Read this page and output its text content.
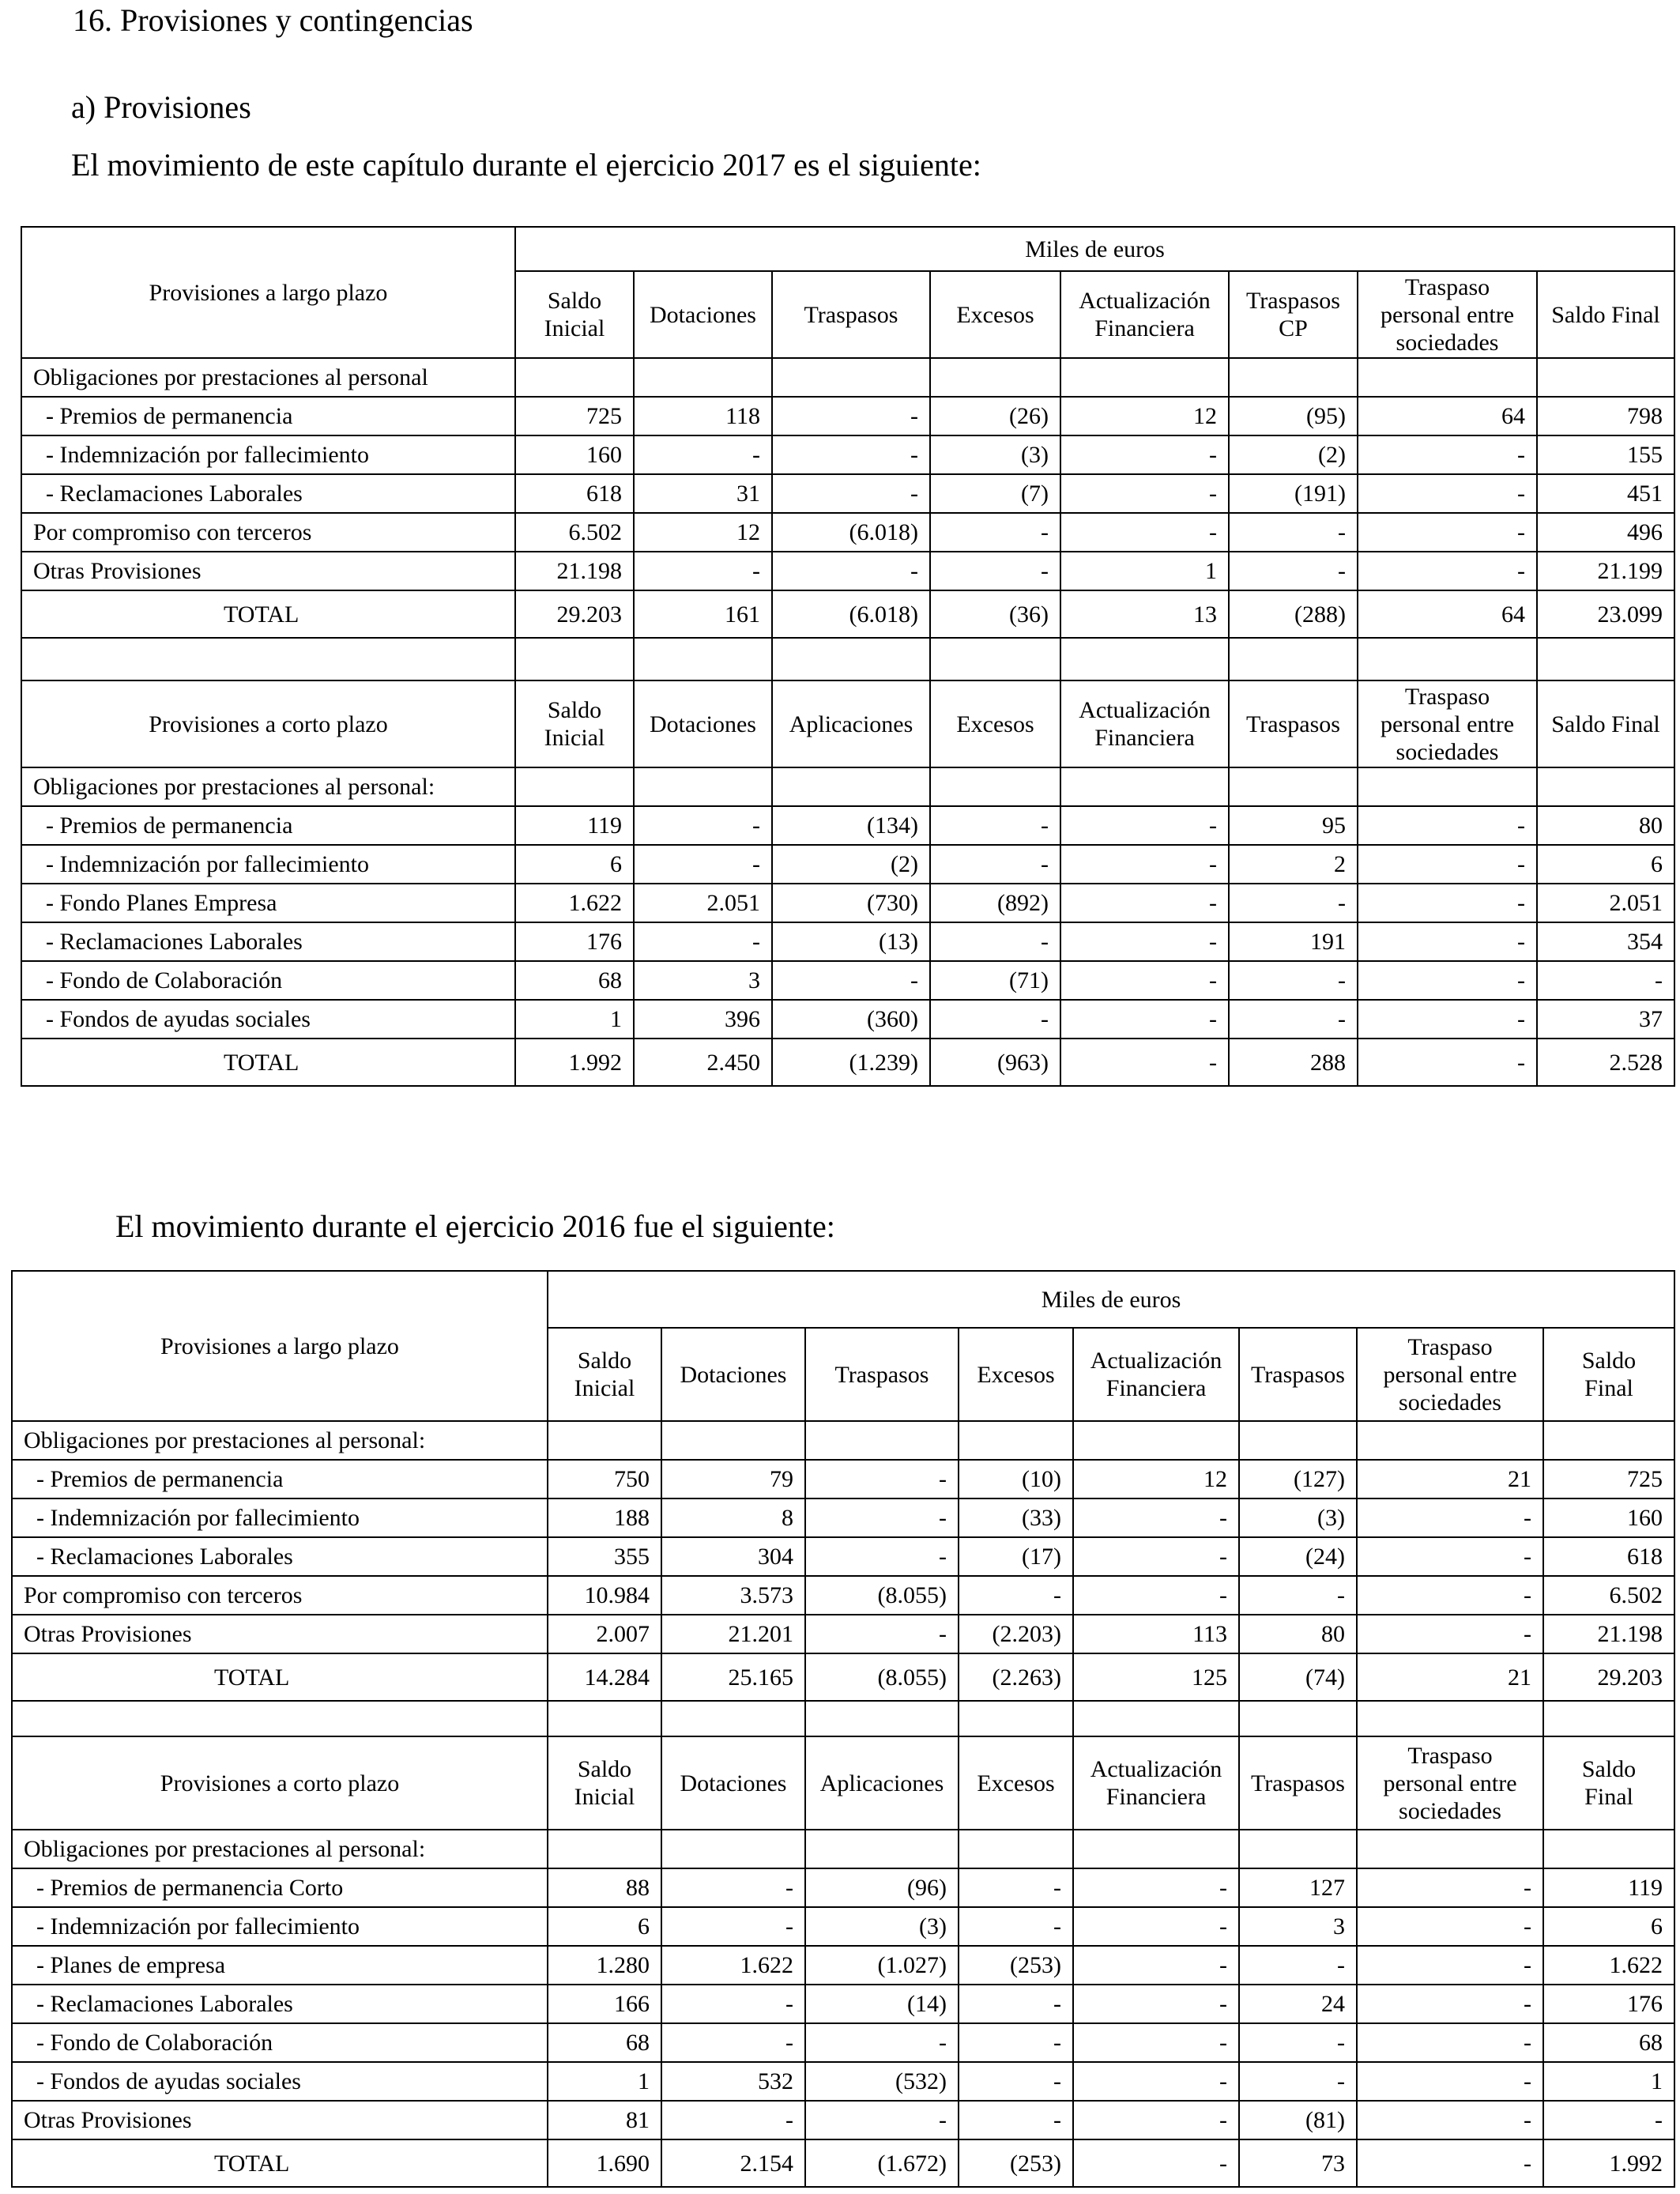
16. Provisiones y contingencias
a) Provisiones
El movimiento de este capítulo durante el ejercicio 2017 es el siguiente:
Provisiones a largo plazo	Miles de euros							
	Saldo Inicial	Dotaciones	Traspasos	Excesos	Actualización Financiera	Traspasos CP	Traspaso personal entre sociedades	Saldo Final
Obligaciones por prestaciones al personal								
- Premios de permanencia	725	118	-	(26)	12	(95)	64	798
- Indemnización por fallecimiento	160	-	-	(3)	-	(2)	-	155
- Reclamaciones Laborales	618	31	-	(7)	-	(191)	-	451
Por compromiso con terceros	6.502	12	(6.018)	-	-	-	-	496
Otras Provisiones	21.198	-	-	-	1	-	-	21.199
TOTAL	29.203	161	(6.018)	(36)	13	(288)	64	23.099

Provisiones a corto plazo	Saldo Inicial	Dotaciones	Aplicaciones	Excesos	Actualización Financiera	Traspasos	Traspaso personal entre sociedades	Saldo Final
Obligaciones por prestaciones al personal:								
- Premios de permanencia	119	-	(134)	-	-	95	-	80
- Indemnización por fallecimiento	6	-	(2)	-	-	2	-	6
- Fondo Planes Empresa	1.622	2.051	(730)	(892)	-	-	-	2.051
- Reclamaciones Laborales	176	-	(13)	-	-	191	-	354
- Fondo de Colaboración	68	3	-	(71)	-	-	-	-
- Fondos de ayudas sociales	1	396	(360)	-	-	-	-	37
TOTAL	1.992	2.450	(1.239)	(963)	-	288	-	2.528
El movimiento durante el ejercicio 2016 fue el siguiente:
Provisiones a largo plazo	Miles de euros							
	Saldo Inicial	Dotaciones	Traspasos	Excesos	Actualización Financiera	Traspasos	Traspaso personal entre sociedades	Saldo Final
Obligaciones por prestaciones al personal:								
- Premios de permanencia	750	79	-	(10)	12	(127)	21	725
- Indemnización por fallecimiento	188	8	-	(33)	-	(3)	-	160
- Reclamaciones Laborales	355	304	-	(17)	-	(24)	-	618
Por compromiso con terceros	10.984	3.573	(8.055)	-	-	-	-	6.502
Otras Provisiones	2.007	21.201	-	(2.203)	113	80	-	21.198
TOTAL	14.284	25.165	(8.055)	(2.263)	125	(74)	21	29.203

Provisiones a corto plazo	Saldo Inicial	Dotaciones	Aplicaciones	Excesos	Actualización Financiera	Traspasos	Traspaso personal entre sociedades	Saldo Final
Obligaciones por prestaciones al personal:								
- Premios de permanencia Corto	88	-	(96)	-	-	127	-	119
- Indemnización por fallecimiento	6	-	(3)	-	-	3	-	6
- Planes de empresa	1.280	1.622	(1.027)	(253)	-	-	-	1.622
- Reclamaciones Laborales	166	-	(14)	-	-	24	-	176
- Fondo de Colaboración	68	-	-	-	-	-	-	68
- Fondos de ayudas sociales	1	532	(532)	-	-	-	-	1
Otras Provisiones	81	-	-	-	-	(81)	-	-
TOTAL	1.690	2.154	(1.672)	(253)	-	73	-	1.992
